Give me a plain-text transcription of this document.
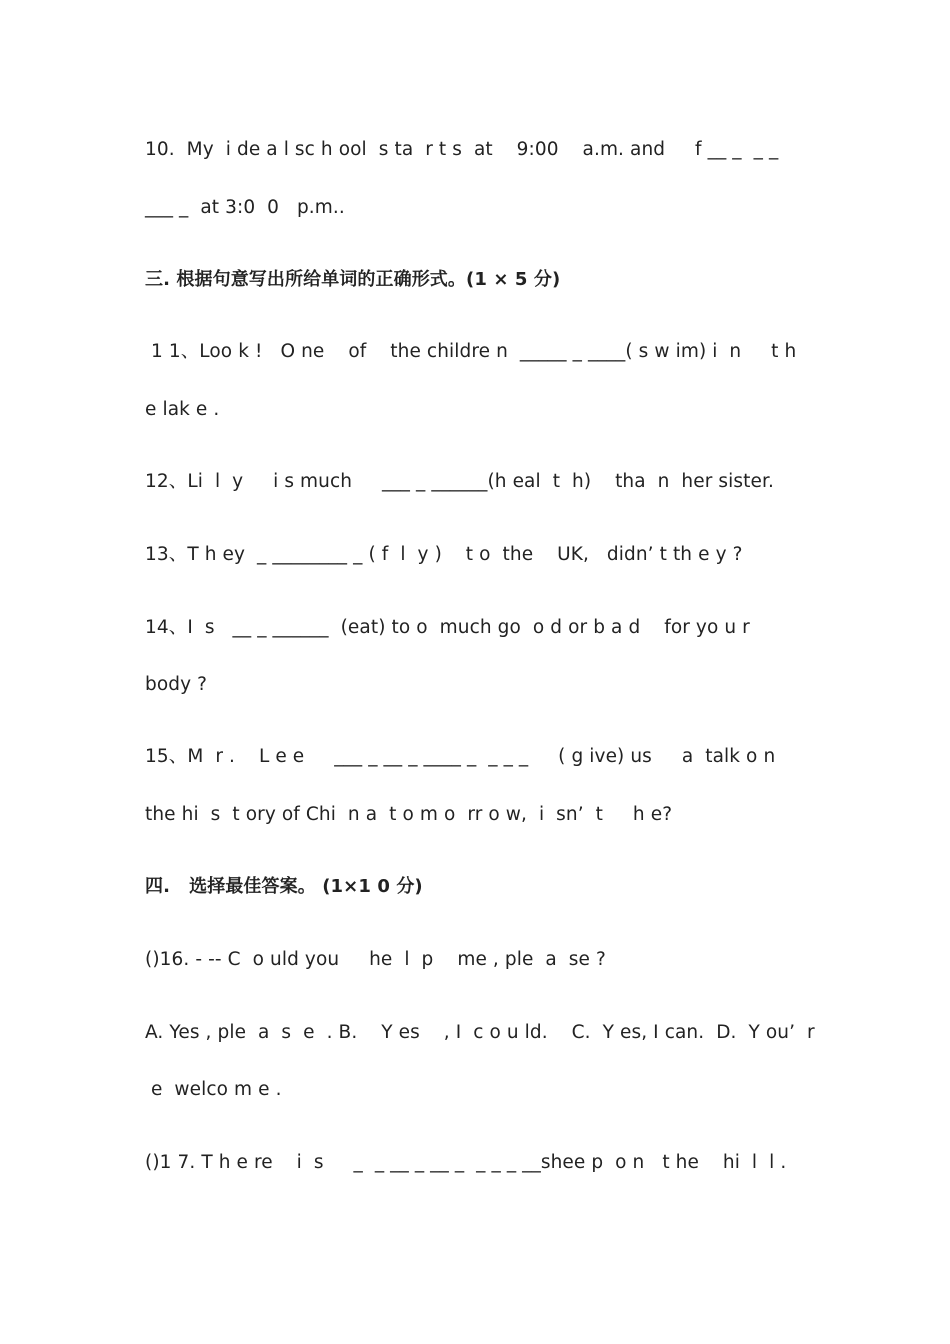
10.  My  i de a l sc h ool  s ta  r t s  at    9:00    a.m. and     f __ _  _ _
___ _  at 3:0  0   p.m..
三. 根据句意写出所给单词的正确形式。(1 × 5 分)
1 1、Loo k !   O ne    of    the childre n  _____ _ ____( s w im) i  n     t h
e lak e .
12、Li  l  y     i s much     ___ _ ______(h eal  t  h)    tha  n  her sister.
13、T h ey  _ ________ _ ( f  l  y )    t o  the    UK,   didn’ t th e y ?
14、I  s   __ _ ______  (eat) to o  much go  o d or b a d    for yo u r
body ?
15、M  r .    L e e     ___ _ __ _ ____ _  _ _ _     ( g ive) us     a  talk o n
the hi  s  t ory of Chi  n a  t o m o  rr o w,  i  sn’  t     h e?
四.   选择最佳答案。 (1×1 0 分)
()16. - -- C  o uld you     he  l  p    me , ple  a  se ?
A. Yes , ple  a  s  e  . B.    Y es    , I  c o u ld.    C.  Y es, I can.  D.  Y ou’  r
e  welco m e .
()1 7. T h e re    i  s     _  _ __ _ __ _  _ _ _ __shee p  o n   t he    hi  l  l .
